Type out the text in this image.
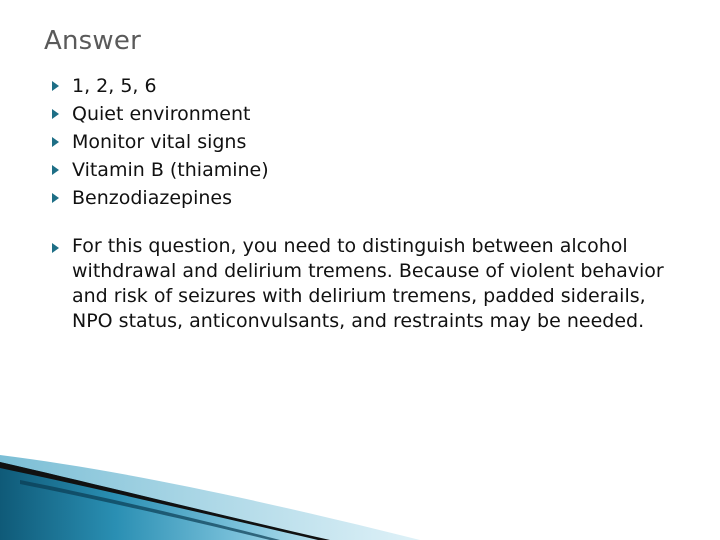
Answer
1, 2, 5, 6
Quiet environment
Monitor vital signs
Vitamin B (thiamine)
Benzodiazepines
For this question, you need to distinguish between alcohol withdrawal and delirium tremens. Because of violent behavior and risk of seizures with delirium tremens, padded siderails, NPO status, anticonvulsants, and restraints may be needed.
